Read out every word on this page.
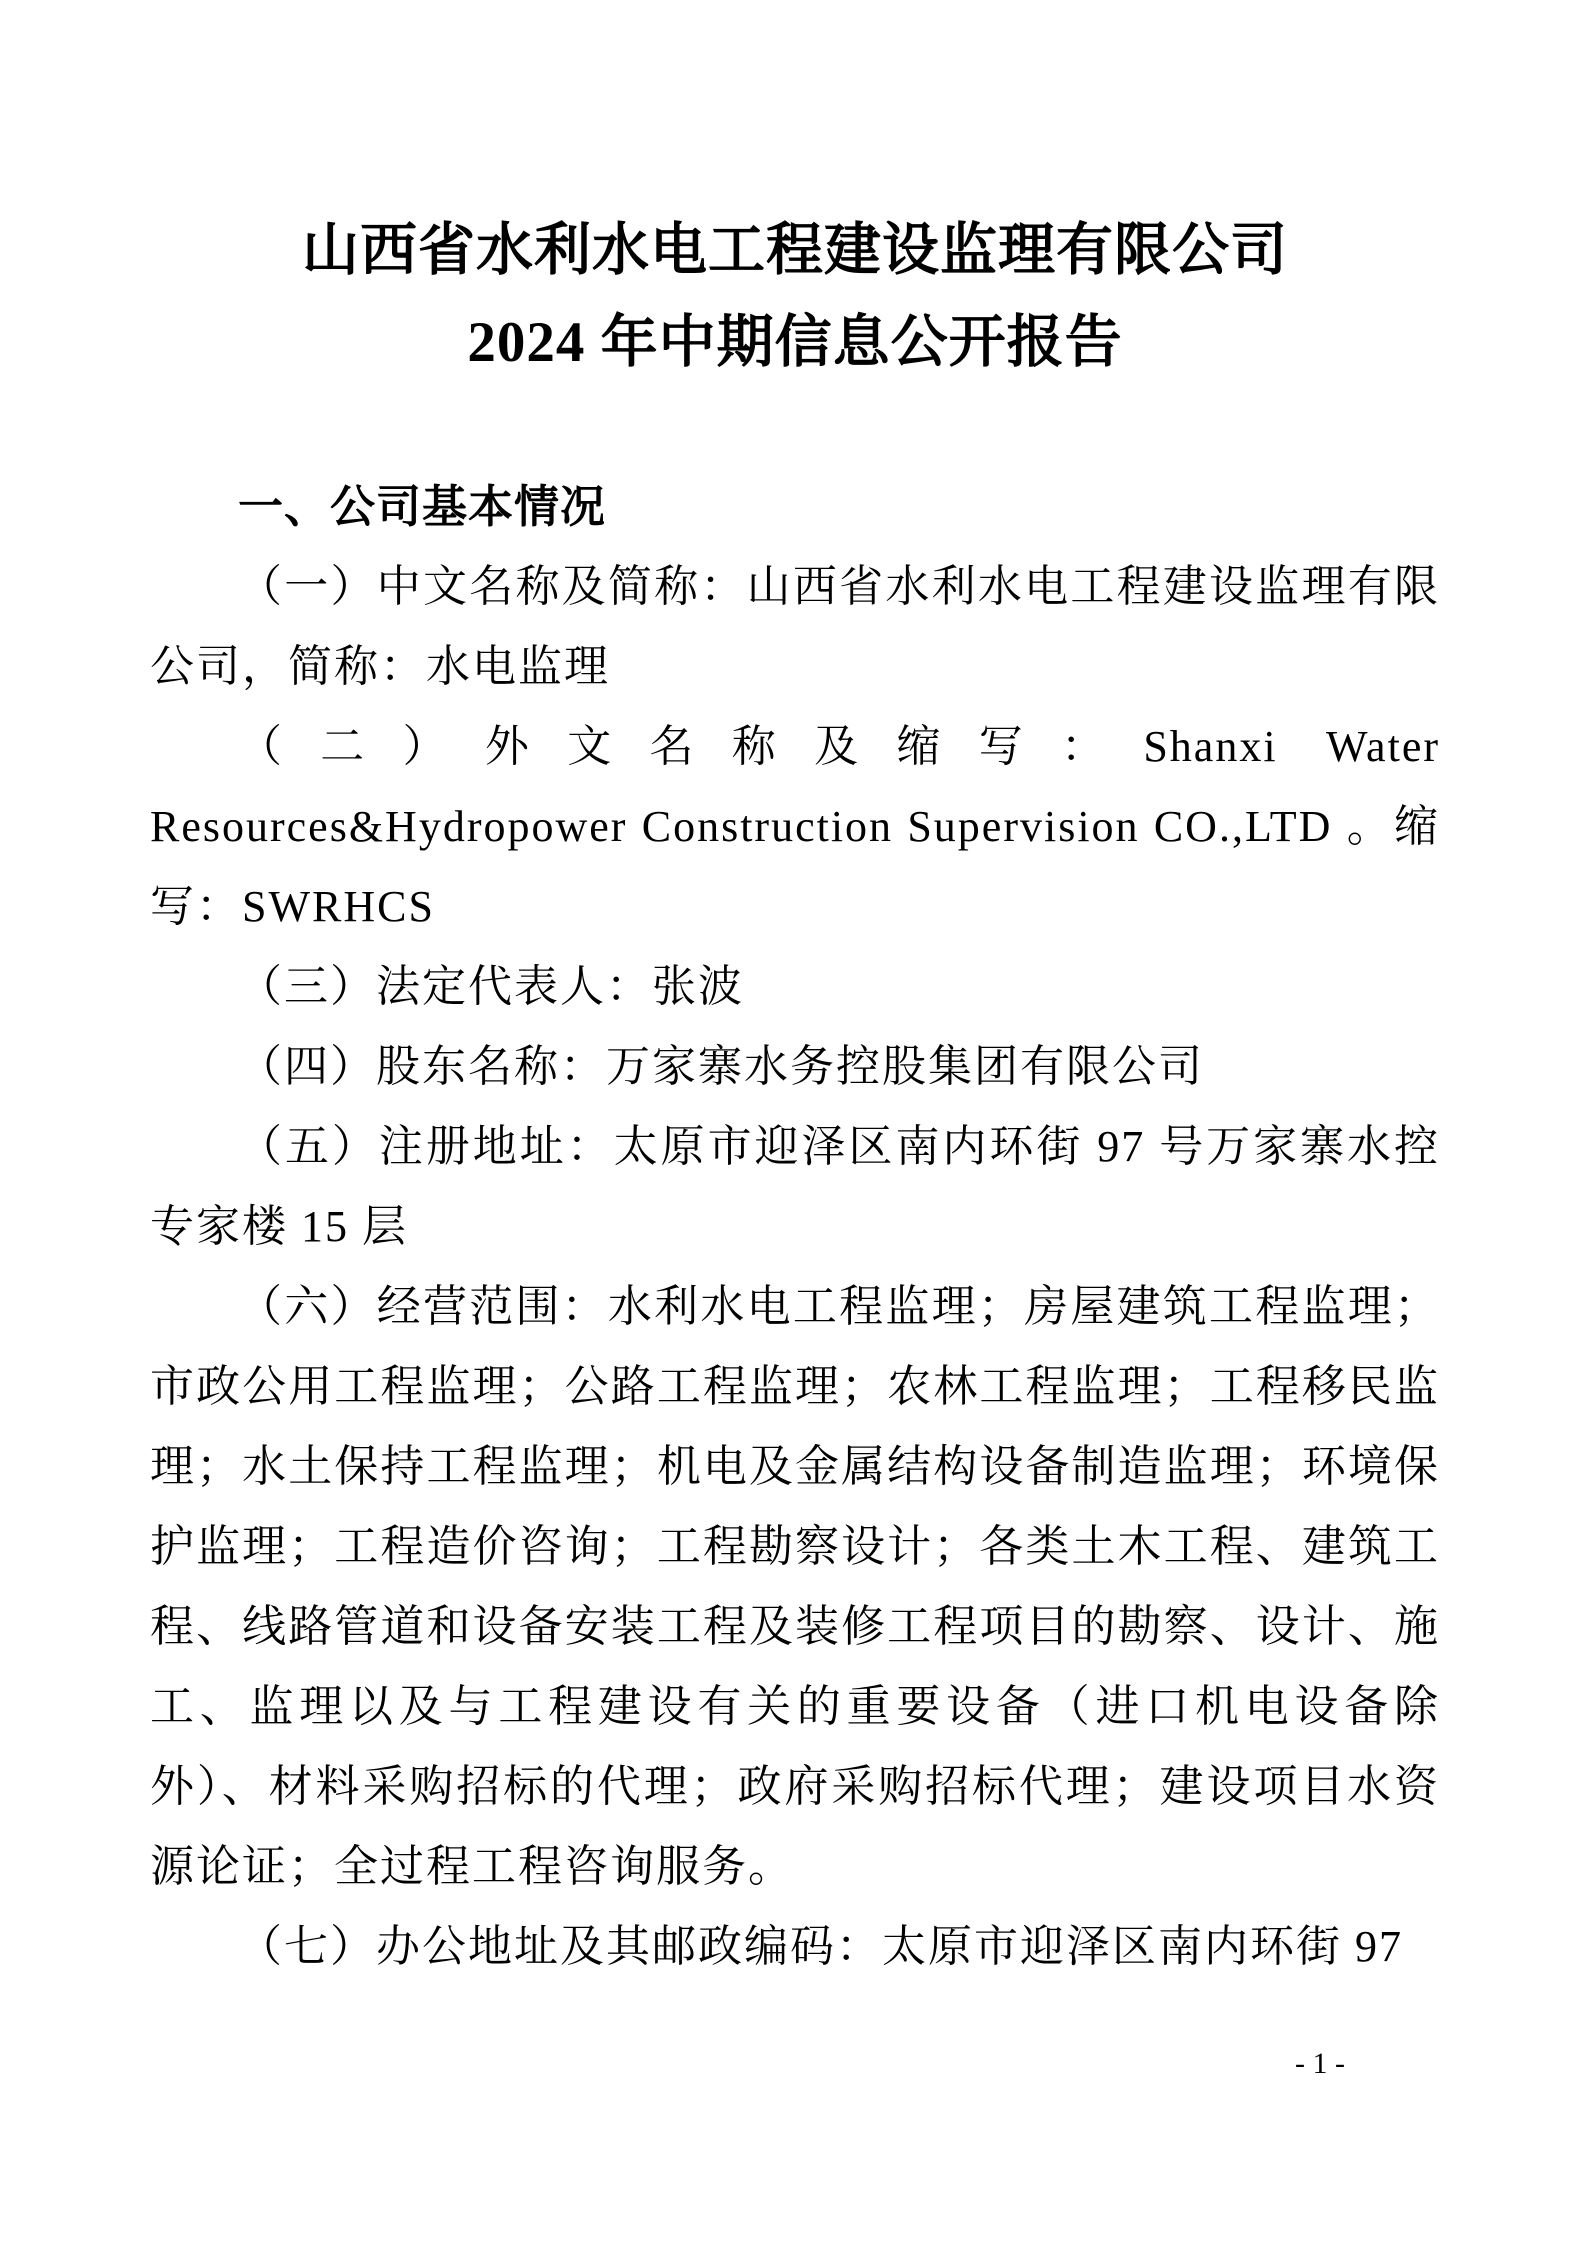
山西省水利水电工程建设监理有限公司
2024 年中期信息公开报告
一、公司基本情况

（一）中文名称及简称：山西省水利水电工程建设监理有限公司，简称：水电监理

（二）外文名称及缩写：Shanxi Water Resources&Hydropower Construction Supervision CO.,LTD 。缩写：SWRHCS

（三）法定代表人：张波

（四）股东名称：万家寨水务控股集团有限公司

（五）注册地址：太原市迎泽区南内环街 97 号万家寨水控专家楼 15 层

（六）经营范围：水利水电工程监理；房屋建筑工程监理；市政公用工程监理；公路工程监理；农林工程监理；工程移民监理；水土保持工程监理；机电及金属结构设备制造监理；环境保护监理；工程造价咨询；工程勘察设计；各类土木工程、建筑工程、线路管道和设备安装工程及装修工程项目的勘察、设计、施工、监理以及与工程建设有关的重要设备（进口机电设备除外）、材料采购招标的代理；政府采购招标代理；建设项目水资源论证；全过程工程咨询服务。

（七）办公地址及其邮政编码：太原市迎泽区南内环街 97

- 1 -
